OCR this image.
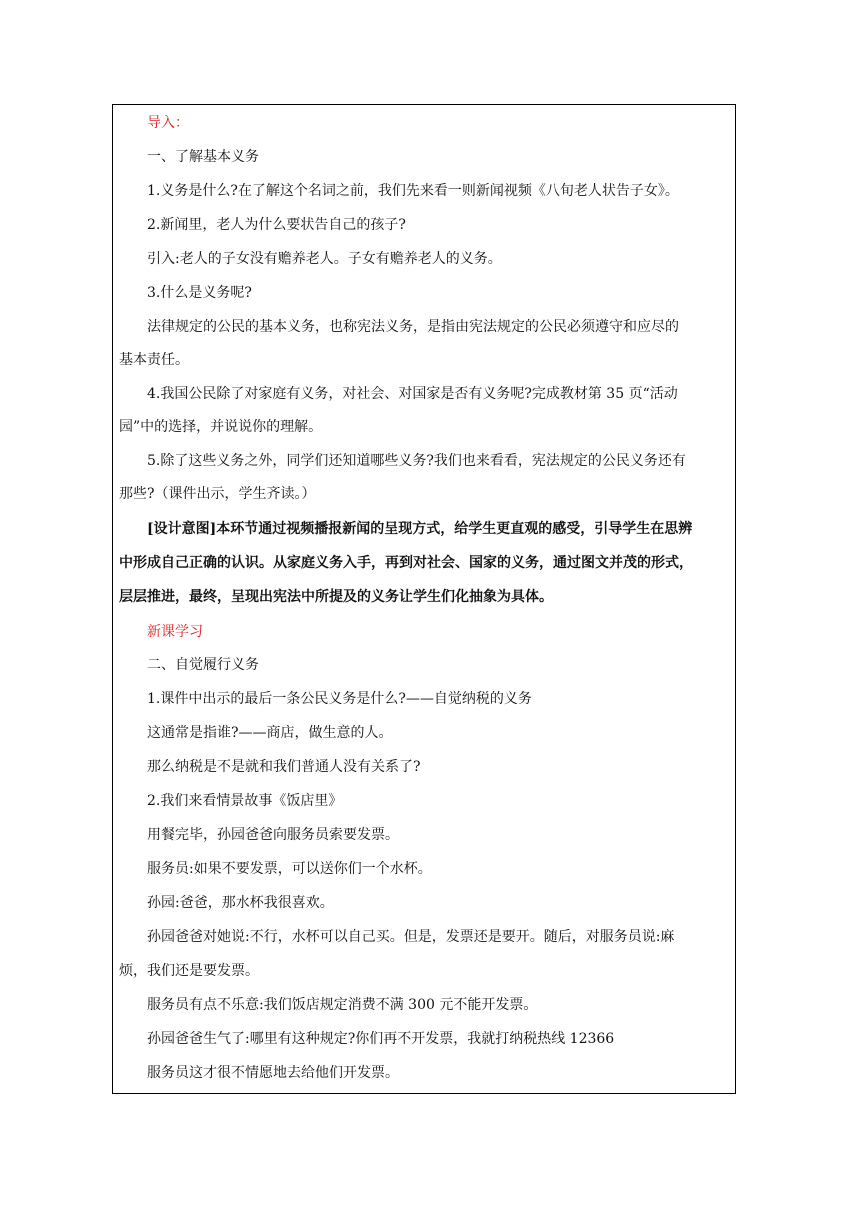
导入：
一、了解基本义务
1.义务是什么?在了解这个名词之前，我们先来看一则新闻视频《八旬老人状告子女》。
2.新闻里，老人为什么要状告自己的孩子?
引入:老人的子女没有赡养老人。子女有赡养老人的义务。
3.什么是义务呢?
法律规定的公民的基本义务，也称宪法义务，是指由宪法规定的公民必须遵守和应尽的
基本责任。
4.我国公民除了对家庭有义务，对社会、对国家是否有义务呢?完成教材第 35 页“活动
园”中的选择，并说说你的理解。
5.除了这些义务之外，同学们还知道哪些义务?我们也来看看，宪法规定的公民义务还有
那些?（课件出示，学生齐读。）
[设计意图]本环节通过视频播报新闻的呈现方式，给学生更直观的感受，引导学生在思辨
中形成自己正确的认识。从家庭义务入手，再到对社会、国家的义务，通过图文并茂的形式，
层层推进，最终，呈现出宪法中所提及的义务让学生们化抽象为具体。
新课学习
二、自觉履行义务
1.课件中出示的最后一条公民义务是什么?——自觉纳税的义务
这通常是指谁?——商店，做生意的人。
那么纳税是不是就和我们普通人没有关系了?
2.我们来看情景故事《饭店里》
用餐完毕，孙园爸爸向服务员索要发票。
服务员:如果不要发票，可以送你们一个水杯。
孙园:爸爸，那水杯我很喜欢。
孙园爸爸对她说:不行，水杯可以自己买。但是，发票还是要开。随后，对服务员说:麻
烦，我们还是要发票。
服务员有点不乐意:我们饭店规定消费不满 300 元不能开发票。
孙园爸爸生气了:哪里有这种规定?你们再不开发票，我就打纳税热线 12366
服务员这才很不情愿地去给他们开发票。
